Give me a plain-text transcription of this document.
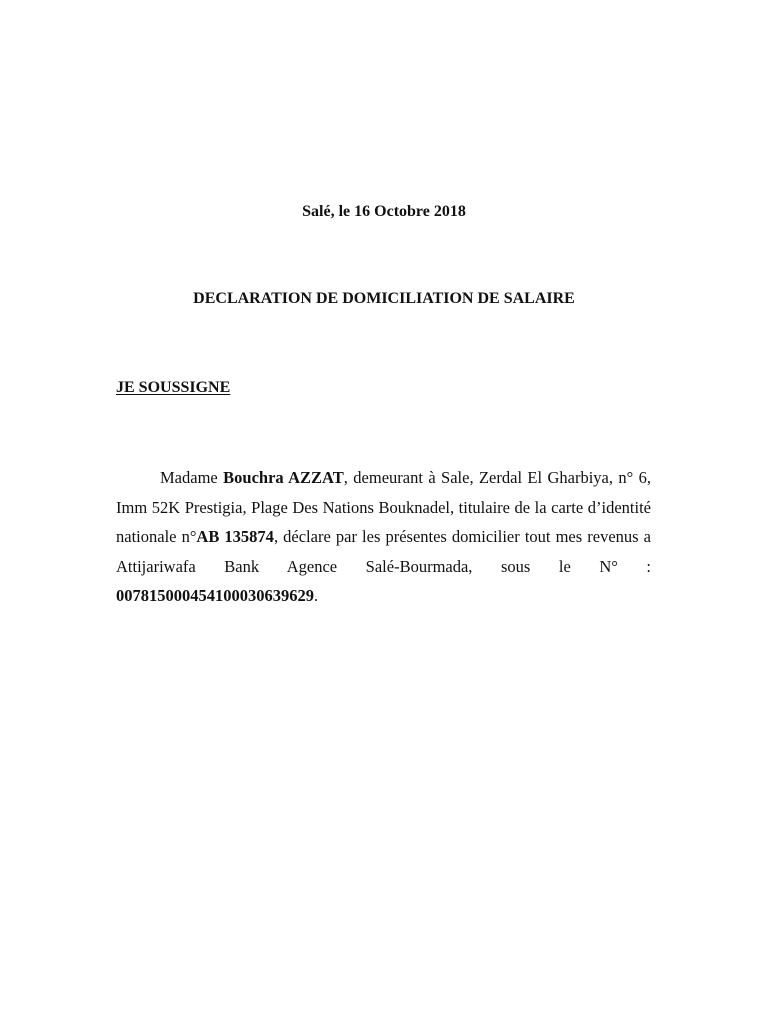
Salé, le 16 Octobre 2018
DECLARATION DE DOMICILIATION DE SALAIRE
JE SOUSSIGNE

Madame Bouchra AZZAT, demeurant à Sale, Zerdal El Gharbiya, n° 6, Imm 52K Prestigia, Plage Des Nations Bouknadel, titulaire de la carte d’identité nationale n°AB 135874, déclare par les présentes domicilier tout mes revenus a Attijariwafa Bank Agence Salé-Bourmada, sous le N° : 007815000454100030639629.
